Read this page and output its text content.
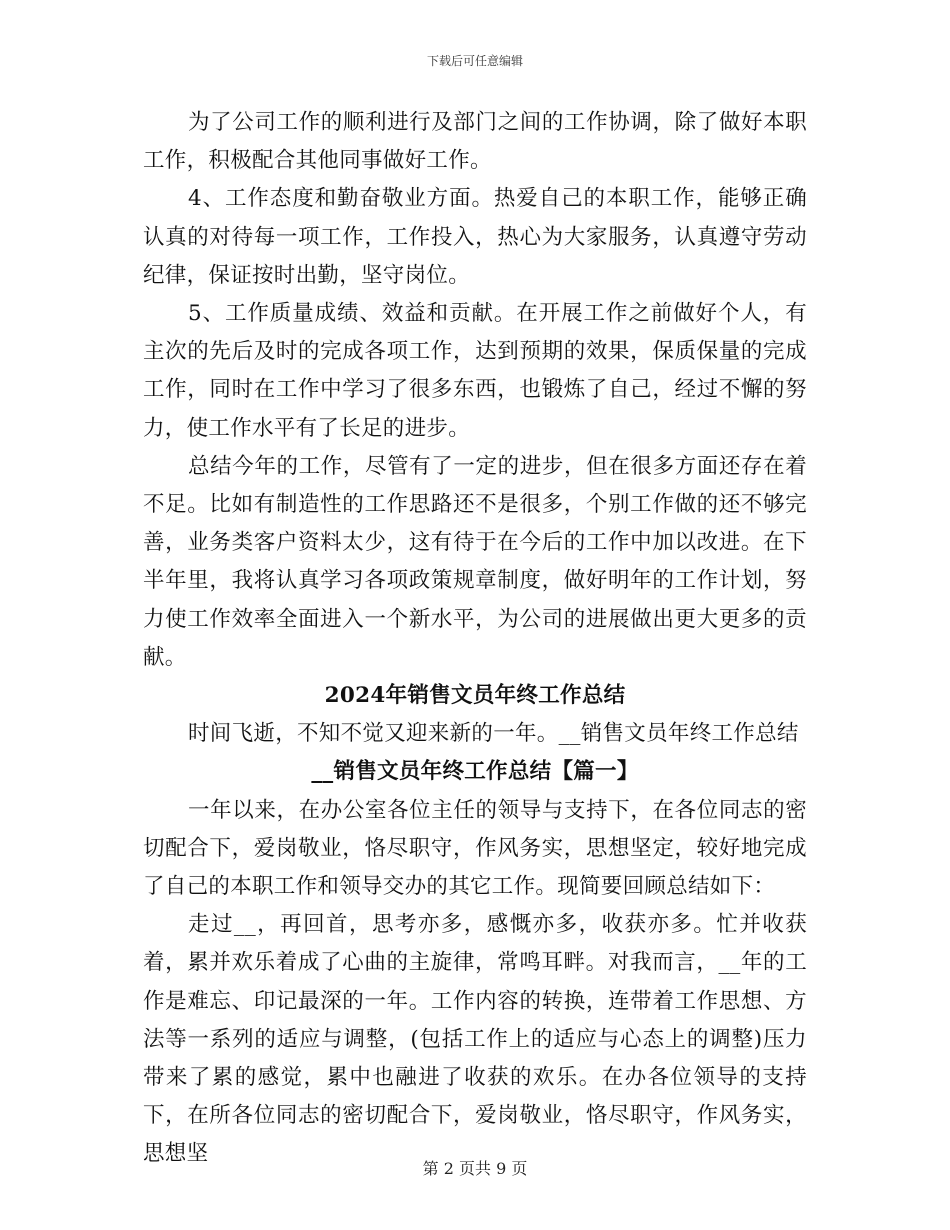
下载后可任意编辑

为了公司工作的顺利进行及部门之间的工作协调，除了做好本职工作，积极配合其他同事做好工作。

4、工作态度和勤奋敬业方面。热爱自己的本职工作，能够正确认真的对待每一项工作，工作投入，热心为大家服务，认真遵守劳动纪律，保证按时出勤，坚守岗位。

5、工作质量成绩、效益和贡献。在开展工作之前做好个人，有主次的先后及时的完成各项工作，达到预期的效果，保质保量的完成工作，同时在工作中学习了很多东西，也锻炼了自己，经过不懈的努力，使工作水平有了长足的进步。

总结今年的工作，尽管有了一定的进步，但在很多方面还存在着不足。比如有制造性的工作思路还不是很多，个别工作做的还不够完善，业务类客户资料太少，这有待于在今后的工作中加以改进。在下半年里，我将认真学习各项政策规章制度，做好明年的工作计划，努力使工作效率全面进入一个新水平，为公司的进展做出更大更多的贡献。

2024年销售文员年终工作总结

时间飞逝，不知不觉又迎来新的一年。__销售文员年终工作总结

__销售文员年终工作总结【篇一】

一年以来，在办公室各位主任的领导与支持下，在各位同志的密切配合下，爱岗敬业，恪尽职守，作风务实，思想坚定，较好地完成了自己的本职工作和领导交办的其它工作。现简要回顾总结如下：

走过__，再回首，思考亦多，感慨亦多，收获亦多。忙并收获着，累并欢乐着成了心曲的主旋律，常鸣耳畔。对我而言，__年的工作是难忘、印记最深的一年。工作内容的转换，连带着工作思想、方法等一系列的适应与调整，(包括工作上的适应与心态上的调整)压力带来了累的感觉，累中也融进了收获的欢乐。在办各位领导的支持下，在所各位同志的密切配合下，爱岗敬业，恪尽职守，作风务实，思想坚

第 2 页共 9 页
